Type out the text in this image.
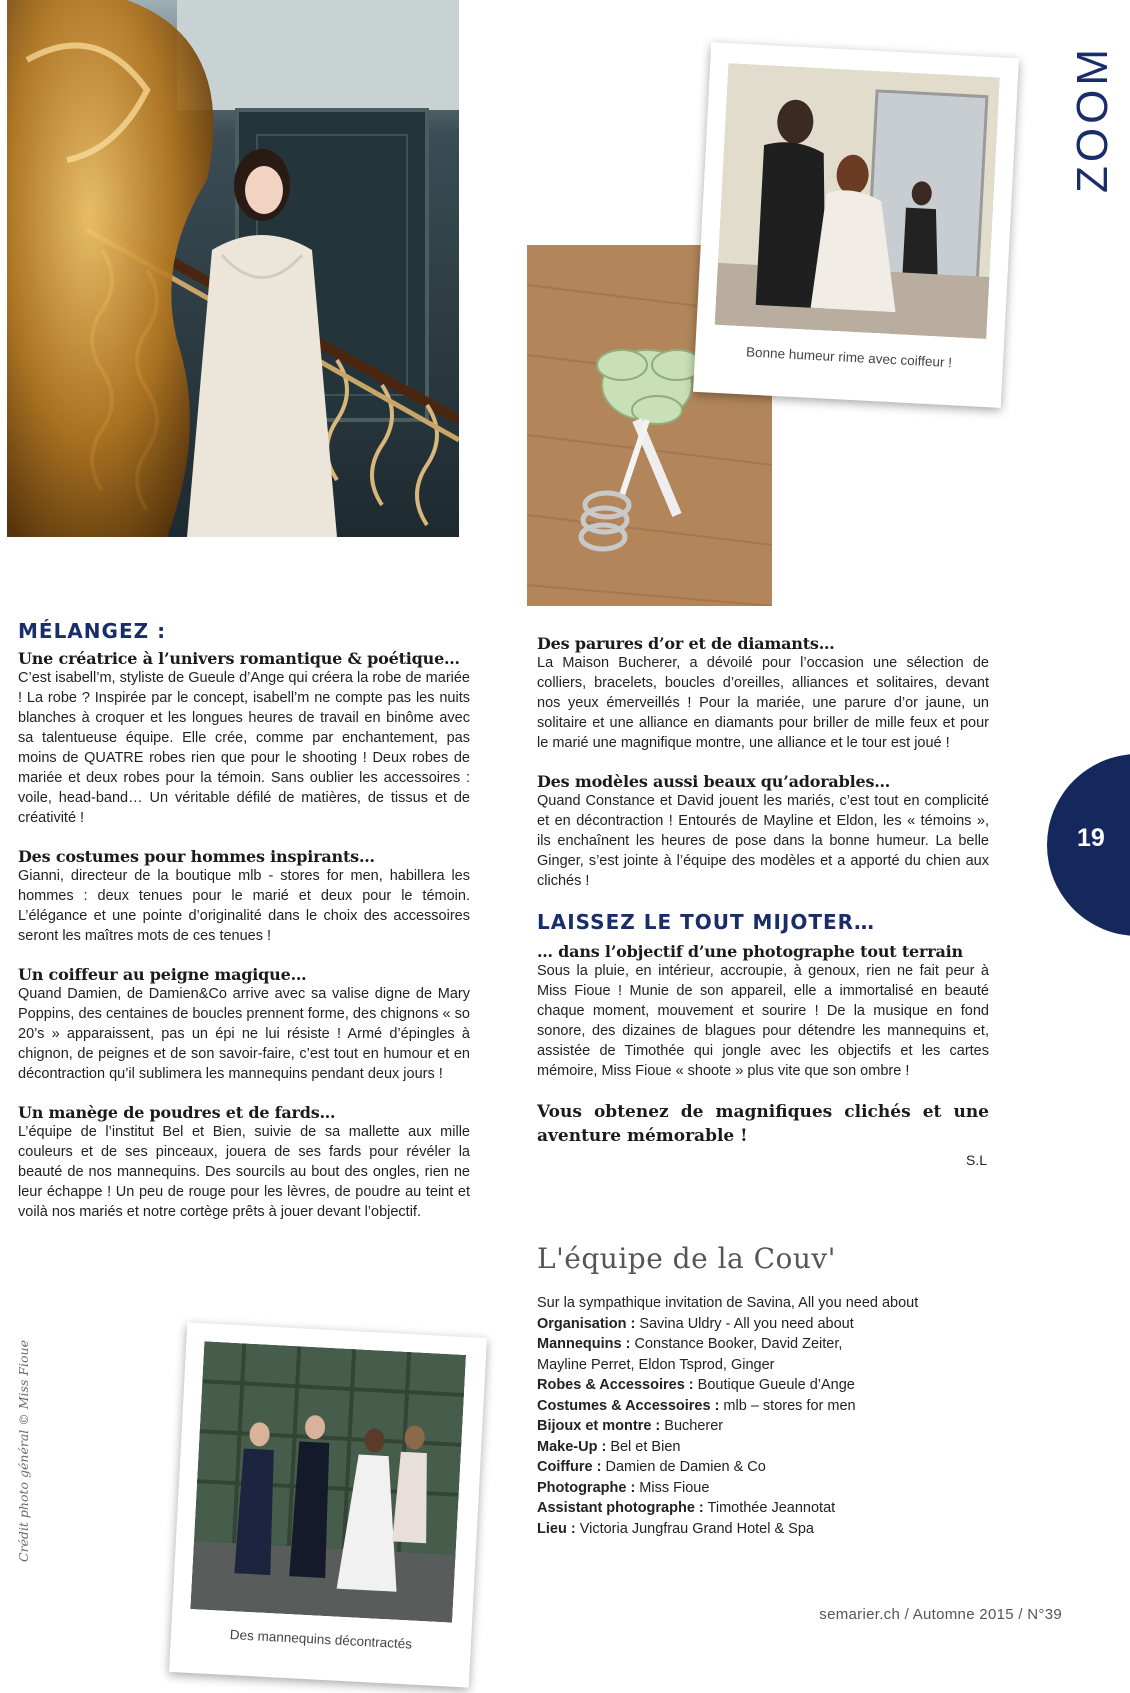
Bonne humeur rime avec coiffeur !
ZOOM
19
MÉLANGEZ :
Une créatrice à l’univers romantique & poétique…

C’est isabell’m, styliste de Gueule d’Ange qui créera la robe de mariée ! La robe ? Inspirée par le concept, isabell’m ne compte pas les nuits blanches à croquer et les longues heures de travail en binôme avec sa talentueuse équipe. Elle crée, comme par enchantement, pas moins de QUATRE robes rien que pour le shooting ! Deux robes de mariée et deux robes pour la témoin. Sans oublier les accessoires : voile, head-band… Un véritable défilé de matières, de tissus et de créativité !

Des costumes pour hommes inspirants…

Gianni, directeur de la boutique mlb - stores for men, habillera les hommes : deux tenues pour le marié et deux pour le témoin. L’élégance et une pointe d’originalité dans le choix des accessoires seront les maîtres mots de ces tenues !

Un coiffeur au peigne magique…

Quand Damien, de Damien&Co arrive avec sa valise digne de Mary Poppins, des centaines de boucles prennent forme, des chignons « so 20’s » apparaissent, pas un épi ne lui résiste ! Armé d’épingles à chignon, de peignes et de son savoir-faire, c’est tout en humour et en décontraction qu’il sublimera les mannequins pendant deux jours !

Un manège de poudres et de fards…

L’équipe de l’institut Bel et Bien, suivie de sa mallette aux mille couleurs et de ses pinceaux, jouera de ses fards pour révéler la beauté de nos mannequins. Des sourcils au bout des ongles, rien ne leur échappe ! Un peu de rouge pour les lèvres, de poudre au teint et voilà nos mariés et notre cortège prêts à jouer devant l’objectif.

Des parures d’or et de diamants…

La Maison Bucherer, a dévoilé pour l’occasion une sélection de colliers, bracelets, boucles d’oreilles, alliances et solitaires, devant nos yeux émerveillés ! Pour la mariée, une parure d’or jaune, un solitaire et une alliance en diamants pour briller de mille feux et pour le marié une magnifique montre, une alliance et le tour est joué !

Des modèles aussi beaux qu’adorables…

Quand Constance et David jouent les mariés, c’est tout en complicité et en décontraction ! Entourés de Mayline et Eldon, les « témoins », ils enchaînent les heures de pose dans la bonne humeur. La belle Ginger, s’est jointe à l’équipe des modèles et a apporté du chien aux clichés !

LAISSEZ LE TOUT MIJOTER…
… dans l’objectif d’une photographe tout terrain

Sous la pluie, en intérieur, accroupie, à genoux, rien ne fait peur à Miss Fioue ! Munie de son appareil, elle a immortalisé en beauté chaque moment, mouvement et sourire ! De la musique en fond sonore, des dizaines de blagues pour détendre les mannequins et, assistée de Timothée qui jongle avec les objectifs et les cartes mémoire, Miss Fioue « shoote » plus vite que son ombre !

Vous obtenez de magnifiques clichés et une aventure mémorable !

S.L
L'équipe de la Couv'

Sur la sympathique invitation de Savina, All you need about

Organisation : Savina Uldry - All you need about

Mannequins : Constance Booker, David Zeiter,

Mayline Perret, Eldon Tsprod, Ginger

Robes & Accessoires : Boutique Gueule d’Ange

Costumes & Accessoires : mlb – stores for men

Bijoux et montre : Bucherer

Make-Up : Bel et Bien

Coiffure : Damien de Damien & Co

Photographe : Miss Fioue

Assistant photographe : Timothée Jeannotat

Lieu : Victoria Jungfrau Grand Hotel & Spa

Des mannequins décontractés
Crédit photo général © Miss Fioue
semarier.ch / Automne 2015 / N°39
